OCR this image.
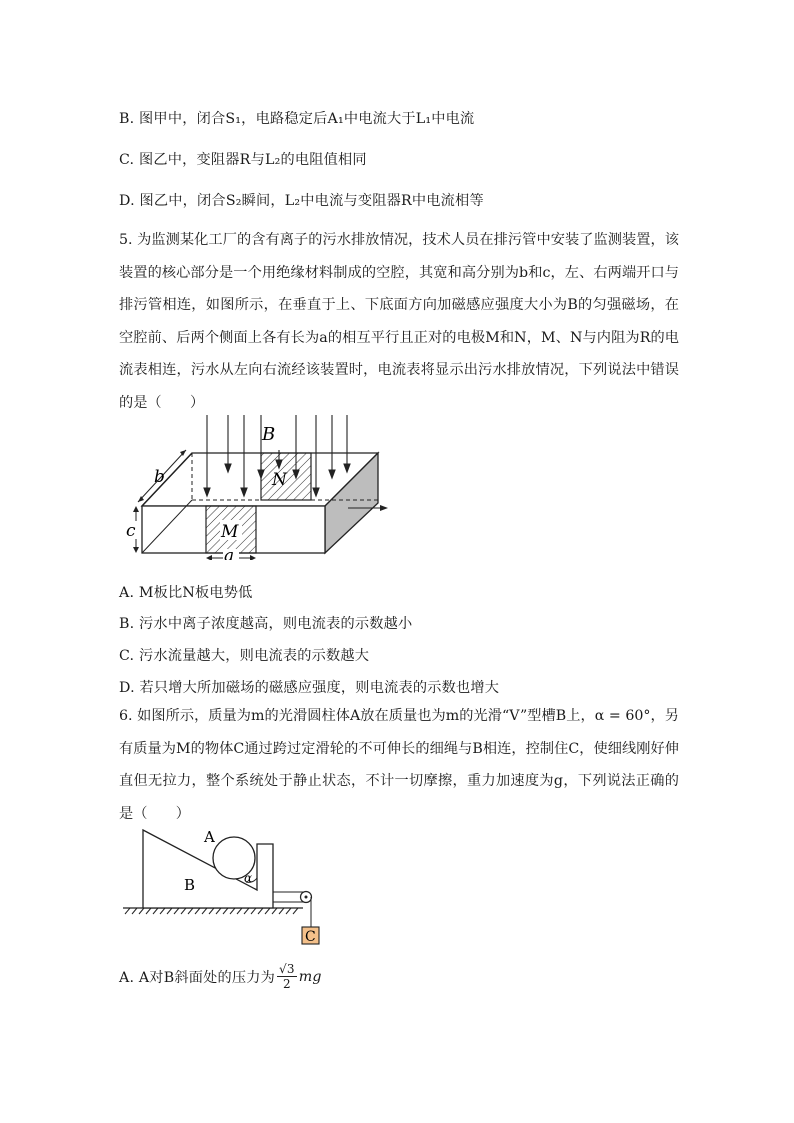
B. 图甲中，闭合S₁，电路稳定后A₁中电流大于L₁中电流
C. 图乙中，变阻器R与L₂的电阻值相同
D. 图乙中，闭合S₂瞬间，L₂中电流与变阻器R中电流相等
5. 为监测某化工厂的含有离子的污水排放情况，技术人员在排污管中安装了监测装置，该装置的核心部分是一个用绝缘材料制成的空腔，其宽和高分别为b和c，左、右两端开口与排污管相连，如图所示，在垂直于上、下底面方向加磁感应强度大小为B的匀强磁场，在空腔前、后两个侧面上各有长为a的相互平行且正对的电极M和N，M、N与内阻为R的电流表相连，污水从左向右流经该装置时，电流表将显示出污水排放情况，下列说法中错误的是（　　）
N
M
B
b
c
a
A. M板比N板电势低
B. 污水中离子浓度越高，则电流表的示数越小
C. 污水流量越大，则电流表的示数越大
D. 若只增大所加磁场的磁感应强度，则电流表的示数也增大
6. 如图所示，质量为m的光滑圆柱体A放在质量也为m的光滑“V”型槽B上，α = 60°，另有质量为M的物体C通过跨过定滑轮的不可伸长的细绳与B相连，控制住C，使细线刚好伸直但无拉力，整个系统处于静止状态，不计一切摩擦，重力加速度为g，下列说法正确的是（　　）
α
A
B
C
A. A对B斜面处的压力为 $\frac{√3}{2}$ mg
